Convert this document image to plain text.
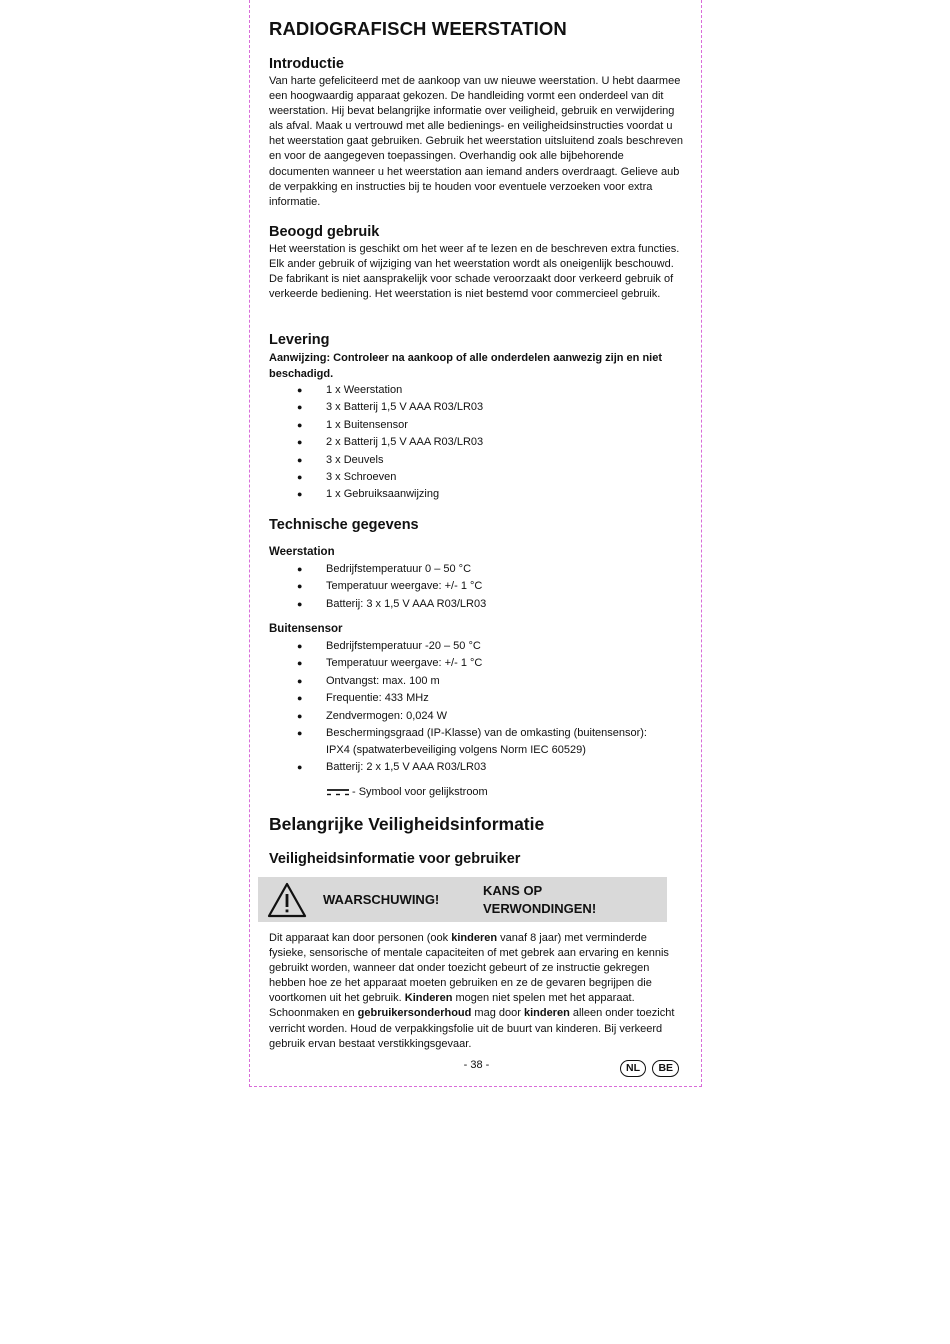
RADIOGRAFISCH WEERSTATION
Introductie
Van harte gefeliciteerd met de aankoop van uw nieuwe weerstation. U hebt daarmee een hoogwaardig apparaat gekozen. De handleiding vormt een onderdeel van dit weerstation. Hij bevat belangrijke informatie over veiligheid, gebruik en verwijdering als afval. Maak u vertrouwd met alle bedienings- en veiligheidsinstructies voordat u het weerstation gaat gebruiken. Gebruik het weerstation uitsluitend zoals beschreven en voor de aangegeven toepassingen. Overhandig ook alle bijbehorende documenten wanneer u het weerstation aan iemand anders overdraagt. Gelieve aub de verpakking en instructies bij te houden voor eventuele verzoeken voor extra informatie.
Beoogd gebruik
Het weerstation is geschikt om het weer af te lezen en de beschreven extra functies. Elk ander gebruik of wijziging van het weerstation wordt als oneigenlijk beschouwd. De fabrikant is niet aansprakelijk voor schade veroorzaakt door verkeerd gebruik of verkeerde bediening. Het weerstation is niet bestemd voor commercieel gebruik.
Levering
Aanwijzing: Controleer na aankoop of alle onderdelen aanwezig zijn en niet beschadigd.
● 1 x Weerstation
● 3 x Batterij 1,5 V AAA R03/LR03
● 1 x Buitensensor
● 2 x Batterij 1,5 V AAA R03/LR03
● 3 x Deuvels
● 3 x Schroeven
● 1 x Gebruiksaanwijzing
Technische gegevens
Weerstation
● Bedrijfstemperatuur 0 – 50 °C
● Temperatuur weergave: +/- 1 °C
● Batterij: 3 x 1,5 V AAA R03/LR03
Buitensensor
● Bedrijfstemperatuur -20 – 50 °C
● Temperatuur weergave: +/- 1 °C
● Ontvangst: max. 100 m
● Frequentie: 433 MHz
● Zendvermogen: 0,024 W
● Beschermingsgraad (IP-Klasse) van de omkasting (buitensensor):
IPX4 (spatwaterbeveiliging volgens Norm IEC 60529)
● Batterij: 2 x 1,5 V AAA R03/LR03
- Symbool voor gelijkstroom
Belangrijke Veiligheidsinformatie
Veiligheidsinformatie voor gebruiker
WAARSCHUWING!
KANS OP
VERWONDINGEN!
Dit apparaat kan door personen (ook kinderen vanaf 8 jaar) met verminderde fysieke, sensorische of mentale capaciteiten of met gebrek aan ervaring en kennis gebruikt worden, wanneer dat onder toezicht gebeurt of ze instructie gekregen hebben hoe ze het apparaat moeten gebruiken en ze de gevaren begrijpen die voortkomen uit het gebruik. Kinderen mogen niet spelen met het apparaat. Schoonmaken en gebruikersonderhoud mag door kinderen alleen onder toezicht verricht worden. Houd de verpakkingsfolie uit de buurt van kinderen. Bij verkeerd gebruik ervan bestaat verstikkingsgevaar.
- 38 -	NL BE
